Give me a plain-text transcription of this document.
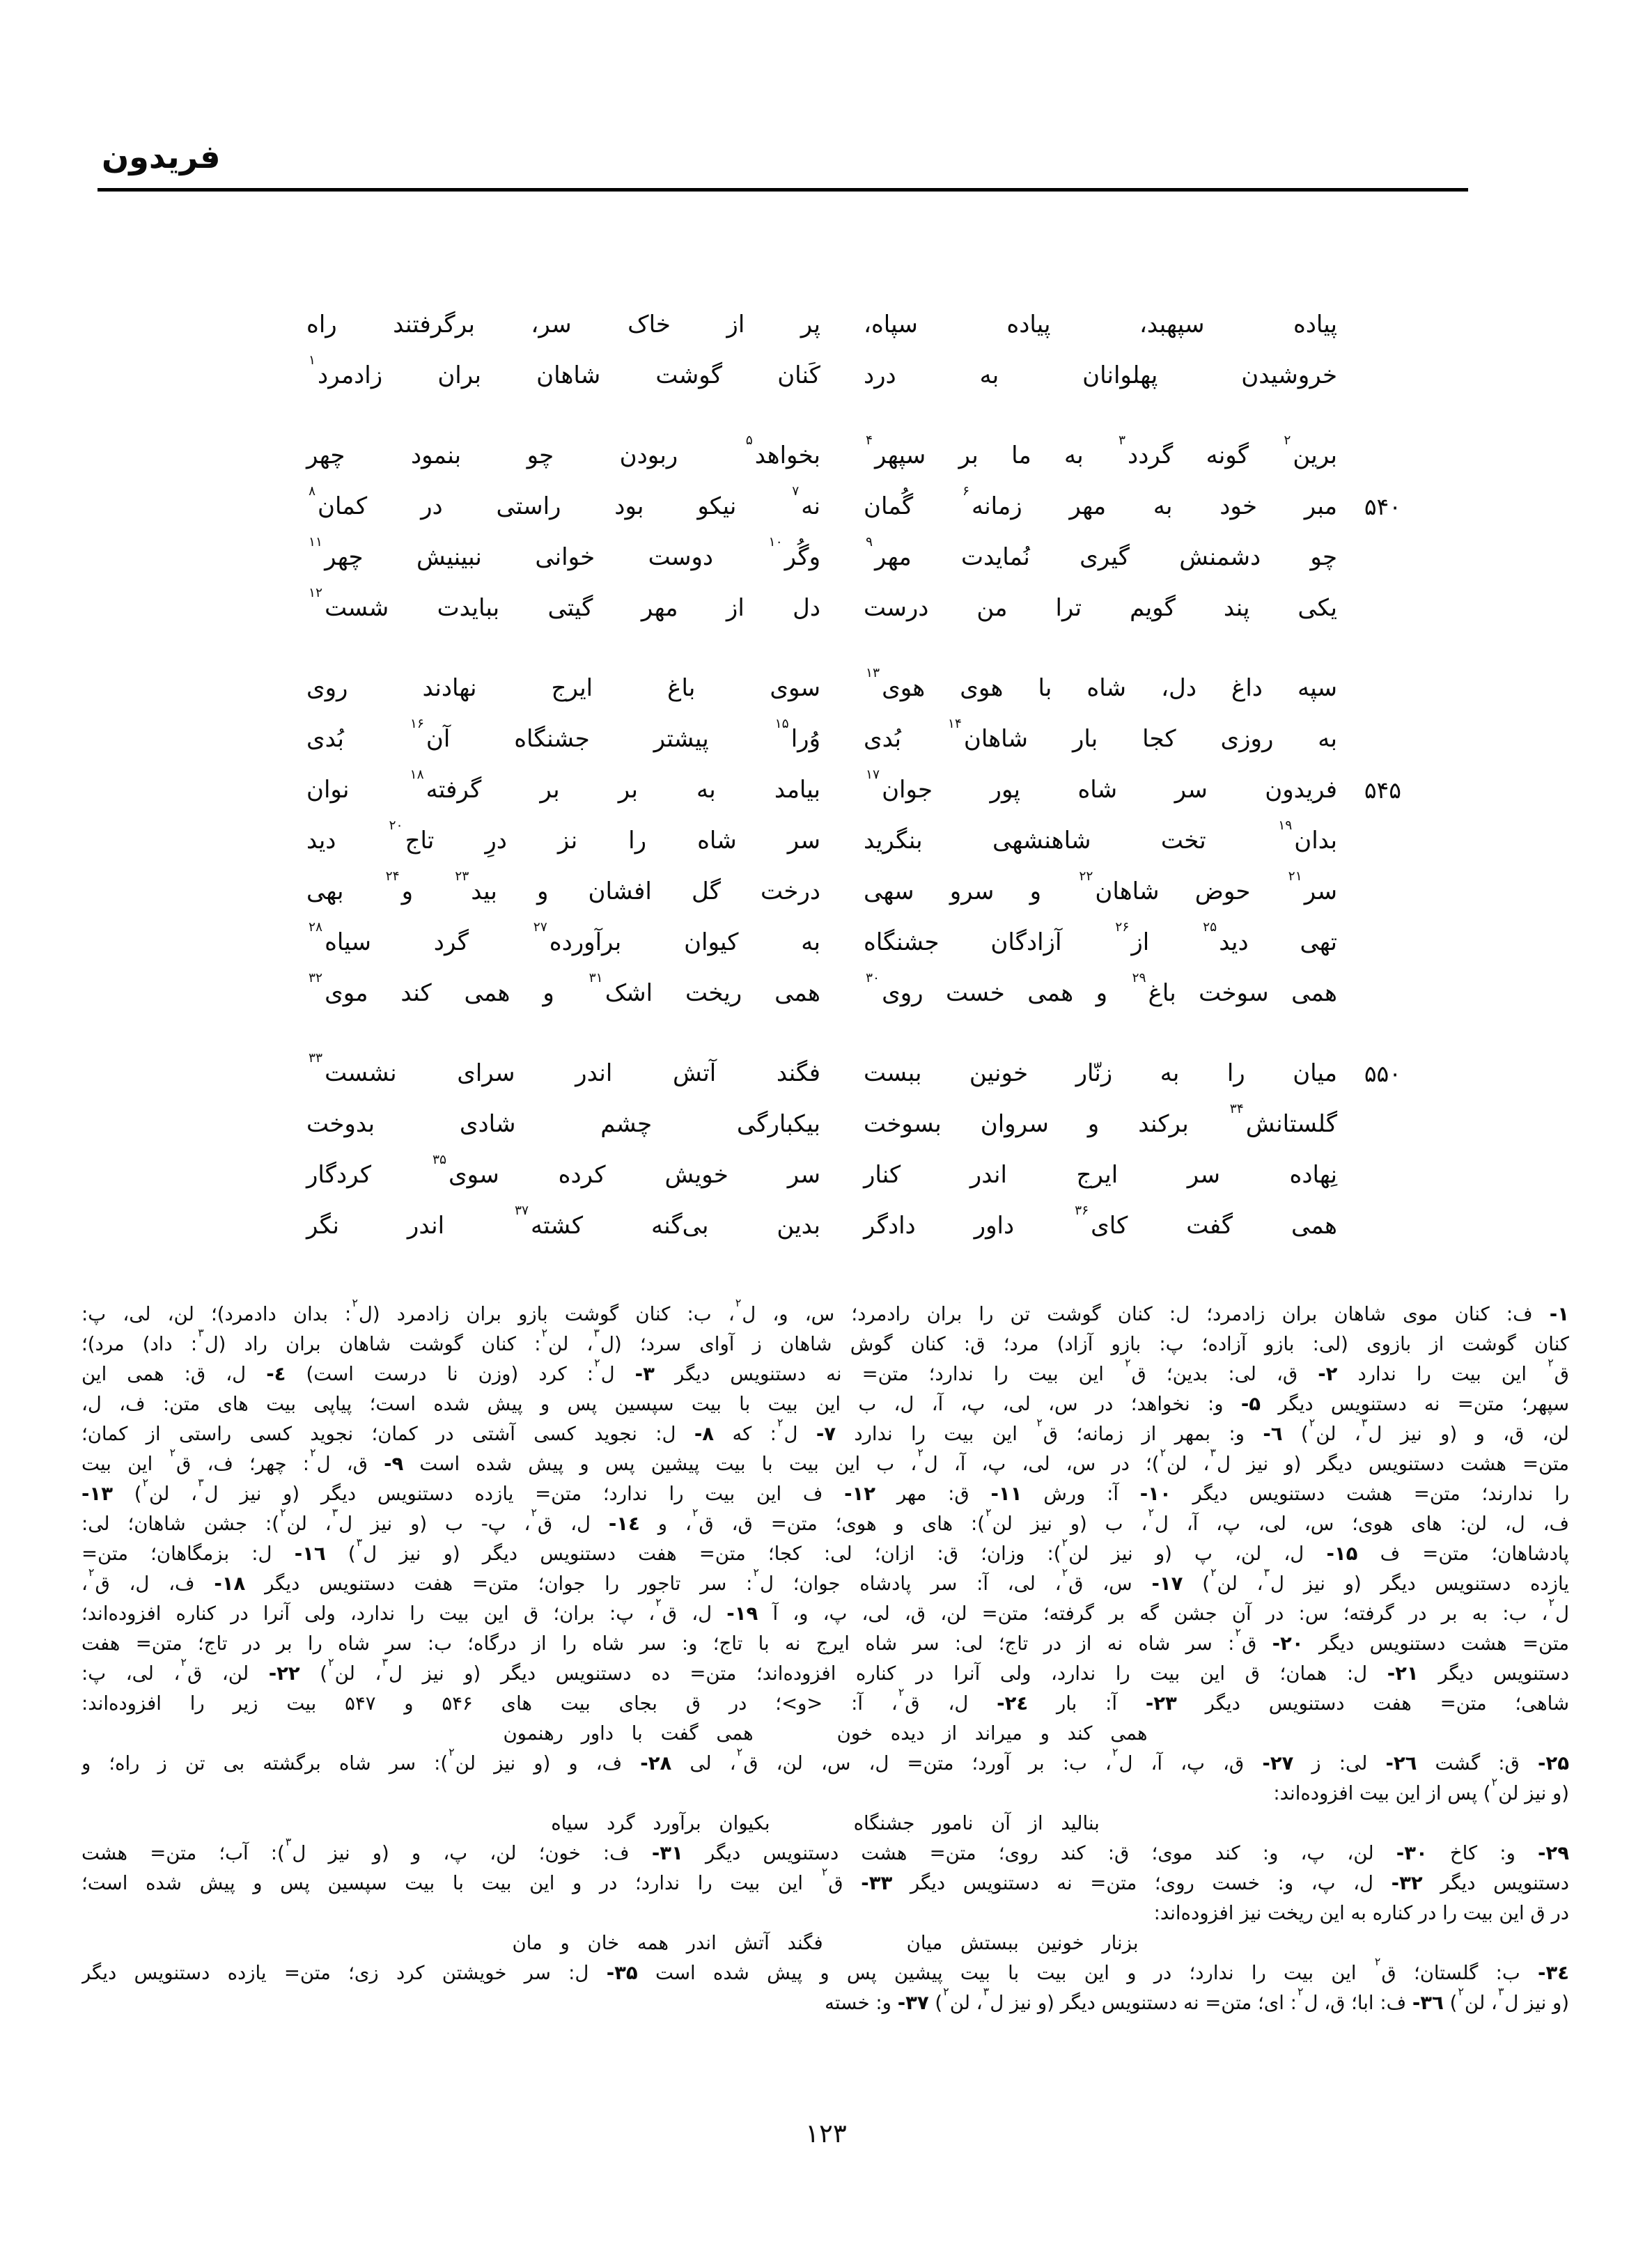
فریدون
پیاده سپهبد، پیاده سپاه،
پر از خاک سر، برگرفتند راه
خروشیدن پهلوانان به درد
کَنان گوشت شاهان بران زادمرد$^۱$
برین$^۲$ گونه گردد$^۳$ به ما بر سپهر$^۴$
بخواهد$^۵$ ربودن چو بنمود چهر
۵۴۰
مبر خود به مهر زمانه$^۶$ گُمان
نه$^۷$ نیکو بود راستی در کمان$^۸$
چو دشمنش گیری نُمایدت مهر$^۹$
وگُر$^{۱۰}$ دوست خوانی نبینیش چهر$^{۱۱}$
یکی پند گویم ترا من درست
دل از مهر گیتی ببایدت شست$^{۱۲}$
سپه داغ دل، شاه با هوی هوی$^{۱۳}$
سوی باغ ایرج نهادند روی
به روزی کجا بار شاهان$^{۱۴}$ بُدی
وُرا$^{۱۵}$ پیشتر جشنگاه آن$^{۱۶}$ بُدی
۵۴۵
فریدون سر شاه پور جوان$^{۱۷}$
بیامد به بر بر گرفته$^{۱۸}$ نوان
بدان$^{۱۹}$ تخت شاهنشهی بنگرید
سر شاه را نز درِ تاج$^{۲۰}$ دید
سر$^{۲۱}$ حوض شاهان$^{۲۲}$ و سرو سهی
درخت گل افشان و بید$^{۲۳}$ و$^{۲۴}$ بهی
تهی دید$^{۲۵}$ از$^{۲۶}$ آزادگان جشنگاه
به کیوان برآورده$^{۲۷}$ گرد سیاه$^{۲۸}$
همی سوخت باغ$^{۲۹}$ و همی خست روی$^{۳۰}$
همی ریخت اشک$^{۳۱}$ و همی کند موی$^{۳۲}$
۵۵۰
میان را به زنّار خونین ببست
فگند آتش اندر سرای نشست$^{۳۳}$
گلستانش$^{۳۴}$ برکند و سروان بسوخت
بیکبارگی چشم شادی بدوخت
نِهاده سر ایرج اندر کنار
سر خویش کرده سوی$^{۳۵}$ کردگار
همی گفت کای$^{۳۶}$ داور دادگر
بدین بی‌گنه کشته$^{۳۷}$ اندر نگر
۱- ف: کنان موی شاهان بران زادمرد؛ ل: کنان گوشت تن را بران رادمرد؛ س، و، ل$^۲$، ب: کنان گوشت بازو بران زادمرد (ل$^۲$: بدان دادمرد)؛ لن، لی، پ:
کنان گوشت از بازوی (لی: بازو آزاده؛ پ: بازو آزاد) مرد؛ ق: کنان گوش شاهان ز آوای سرد؛ (ل$^۳$، لن$^۲$: کنان گوشت شاهان بران راد (ل$^۳$: داد) مرد)؛
ق$^۲$ این بیت را ندارد ۲- ق، لی: بدین؛ ق$^۲$ این بیت را ندارد؛ متن= نه دستنویس دیگر ۳- ل$^۲$: کرد (وزن نا درست است) ٤- ل، ق: همی این
سپهر؛ متن= نه دستنویس دیگر ۵- و: نخواهد؛ در س، لی، پ، آ، ل، ب این بیت با بیت سپسین پس و پیش شده است؛ پیاپی بیت های متن: ف، ل،
لن، ق، و (و نیز ل$^۳$، لن$^۲$) ٦- و: بمهر از زمانه؛ ق$^۲$ این بیت را ندارد ۷- ل$^۲$: که ۸- ل: نجوید کسی آشتی در کمان؛ نجوید کسی راستی از کمان؛
متن= هشت دستنویس دیگر (و نیز ل$^۳$، لن$^۲$)؛ در س، لی، پ، آ، ل$^۲$، ب این بیت با بیت پیشین پس و پیش شده است ۹- ق، ل$^۲$: چهر؛ ف، ق$^۲$ این بیت
را ندارند؛ متن= هشت دستنویس دیگر ۱۰- آ: ورش ۱۱- ق: مهر ۱۲- ف این بیت را ندارد؛ متن= یازده دستنویس دیگر (و نیز ل$^۳$، لن$^۲$) ۱۳-
ف، ل، لن: های هوی؛ س، لی، پ، آ، ل$^۲$، ب (و نیز لن$^۲$): های و هوی؛ متن= ق، ق$^۲$، و ۱٤- ل، ق$^۲$، پ- ب (و نیز ل$^۳$، لن$^۲$): جشن شاهان؛ لی:
پادشاهان؛ متن= ف ۱۵- ل، لن، پ (و نیز لن$^۲$): وزان؛ ق: ازان؛ لی: کجا؛ متن= هفت دستنویس دیگر (و نیز ل$^۳$) ۱٦- ل: بزمگاهان؛ متن=
یازده دستنویس دیگر (و نیز ل$^۳$، لن$^۲$) ۱۷- س، ق$^۲$، لی، آ: سر پادشاه جوان؛ ل$^۲$: سر تاجور را جوان؛ متن= هفت دستنویس دیگر ۱۸- ف، ل، ق$^۲$،
ل$^۲$، ب: به بر در گرفته؛ س: در آن جشن گه بر گرفته؛ متن= لن، ق، لی، پ، و، آ ۱۹- ل، ق$^۲$، پ: بران؛ ق این بیت را ندارد، ولی آنرا در کناره افزوده‌اند؛
متن= هشت دستنویس دیگر ۲۰- ق$^۲$: سر شاه نه از در تاج؛ لی: سر شاه ایرج نه با تاج؛ و: سر شاه را از درگاه؛ ب: سر شاه را بر در تاج؛ متن= هفت
دستنویس دیگر ۲۱- ل: همان؛ ق این بیت را ندارد، ولی آنرا در کناره افزوده‌اند؛ متن= ده دستنویس دیگر (و نیز ل$^۳$، لن$^۲$) ۲۲- لن، ق$^۲$، لی، پ:
شاهی؛ متن= هفت دستنویس دیگر ۲۳- آ: بار ۲٤- ل، ق$^۲$، آ: <و>؛ در ق بجای بیت های ۵۴۶ و ۵۴۷ بیت زیر را افزوده‌اند:
همی کند و میراند از دیده خون
همی گفت با داور رهنمون
۲۵- ق: گشت ۲٦- لی: ز ۲۷- ق، پ، آ، ل$^۲$، ب: بر آورد؛ متن= ل، س، لن، ق$^۲$، لی ۲۸- ف، و (و نیز لن$^۲$): سر شاه برگشته بی تن ز راه؛ و
(و نیز لن$^۲$) پس از این بیت افزوده‌اند:
بنالید از آن نامور جشنگاه
بکیوان برآورد گرد سیاه
۲۹- و: کاخ ۳۰- لن، پ، و: کند موی؛ ق: کند روی؛ متن= هشت دستنویس دیگر ۳۱- ف: خون؛ لن، پ، و (و نیز ل$^۳$): آب؛ متن= هشت
دستنویس دیگر ۳۲- ل، پ، و: خست روی؛ متن= نه دستنویس دیگر ۳۳- ق$^۲$ این بیت را ندارد؛ در و این بیت با بیت سپسین پس و پیش شده است؛
در ق این بیت را در کناره به این ریخت نیز افزوده‌اند:
بزنار خونین ببستش میان
فگند آتش اندر همه خان و مان
۳٤- ب: گلستان؛ ق$^۲$ این بیت را ندارد؛ در و این بیت با بیت پیشین پس و پیش شده است ۳۵- ل: سر خویشتن کرد زی؛ متن= یازده دستنویس دیگر
(و نیز ل$^۳$، لن$^۲$) ۳٦- ف: ابا؛ ق، ل$^۲$: ای؛ متن= نه دستنویس دیگر (و نیز ل$^۳$، لن$^۲$) ۳۷- و: خسته
۱۲۳
